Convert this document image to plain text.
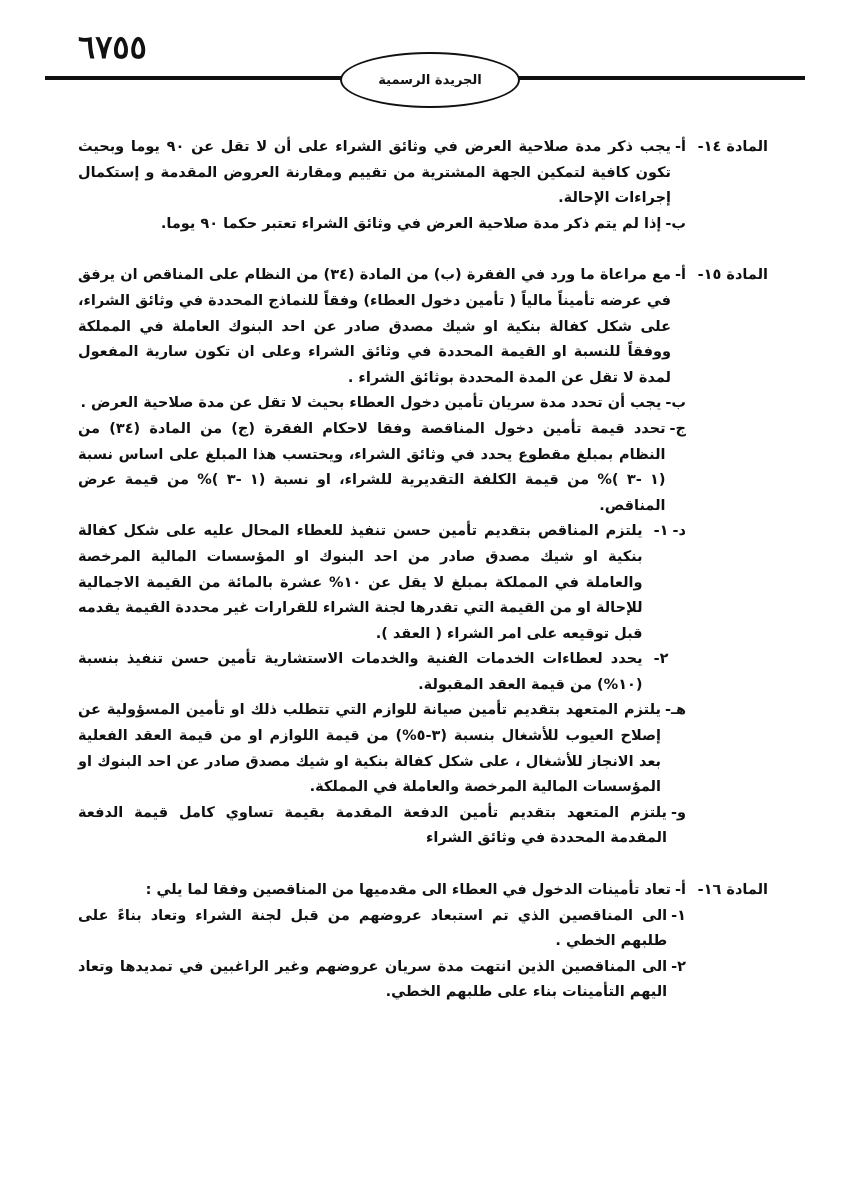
٦٧٥٥
الجريدة الرسمية
المادة ١٤-
أ-
يجب ذكر مدة صلاحية العرض في وثائق الشراء على أن لا تقل عن ٩٠ يوما وبحيث تكون كافية لتمكين الجهة المشترية من تقييم ومقارنة العروض المقدمة و إستكمال إجراءات الإحالة.
ب-
إذا لم يتم ذكر مدة صلاحية العرض في وثائق الشراء تعتبر حكما ٩٠ يوما.
المادة ١٥-
أ-
مع مراعاة ما ورد في الفقرة (ب) من المادة (٣٤) من النظام على المناقص ان يرفق في عرضه تأميناً مالياً ( تأمين دخول العطاء) وفقاً للنماذج المحددة في وثائق الشراء، على شكل كفالة بنكية او شيك مصدق صادر عن احد البنوك العاملة في المملكة ووفقاً للنسبة او القيمة المحددة في وثائق الشراء وعلى ان تكون سارية المفعول لمدة لا تقل عن المدة المحددة بوثائق الشراء .
ب-
يجب أن تحدد مدة سريان تأمين دخول العطاء بحيث لا تقل عن مدة صلاحية العرض .
ج-
تحدد قيمة تأمين دخول المناقصة وفقا لاحكام الفقرة (ج) من المادة (٣٤) من النظام بمبلغ مقطوع يحدد في وثائق الشراء، ويحتسب هذا المبلغ على اساس نسبة (١ -٣ )% من قيمة الكلفة التقديرية للشراء، او نسبة (١ -٣ )% من قيمة عرض المناقص.
د-
١-
يلتزم المناقص بتقديم تأمين حسن تنفيذ للعطاء المحال عليه على شكل كفالة بنكية او شيك مصدق صادر من احد البنوك او المؤسسات المالية المرخصة والعاملة في المملكة بمبلغ لا يقل عن ١٠% عشرة بالمائة من القيمة الاجمالية للإحالة او من القيمة التي تقدرها لجنة الشراء للقرارات غير محددة القيمة يقدمه قبل توقيعه على امر الشراء ( العقد ).
٢-
يحدد لعطاءات الخدمات الفنية والخدمات الاستشارية تأمين حسن تنفيذ بنسبة (١٠%) من قيمة العقد المقبولة.
هـ-
يلتزم المتعهد بتقديم تأمين صيانة للوازم التي تتطلب ذلك او تأمين المسؤولية عن إصلاح العيوب للأشغال بنسبة (٣-٥%) من قيمة اللوازم او من قيمة العقد الفعلية بعد الانجاز للأشغال ، على شكل كفالة بنكية او شيك مصدق صادر عن احد البنوك او المؤسسات المالية المرخصة والعاملة في المملكة.
و-
يلتزم المتعهد بتقديم تأمين الدفعة المقدمة بقيمة تساوي كامل قيمة الدفعة المقدمة المحددة في وثائق الشراء
المادة ١٦-
أ-
تعاد تأمينات الدخول في العطاء الى مقدميها من المناقصين وفقا لما يلي :
١-
الى المناقصين الذي تم استبعاد عروضهم من قبل لجنة الشراء وتعاد بناءً على طلبهم الخطي .
٢-
الى المناقصين الذين انتهت مدة سريان عروضهم وغير الراغبين في تمديدها وتعاد اليهم التأمينات بناء على طلبهم الخطي.
